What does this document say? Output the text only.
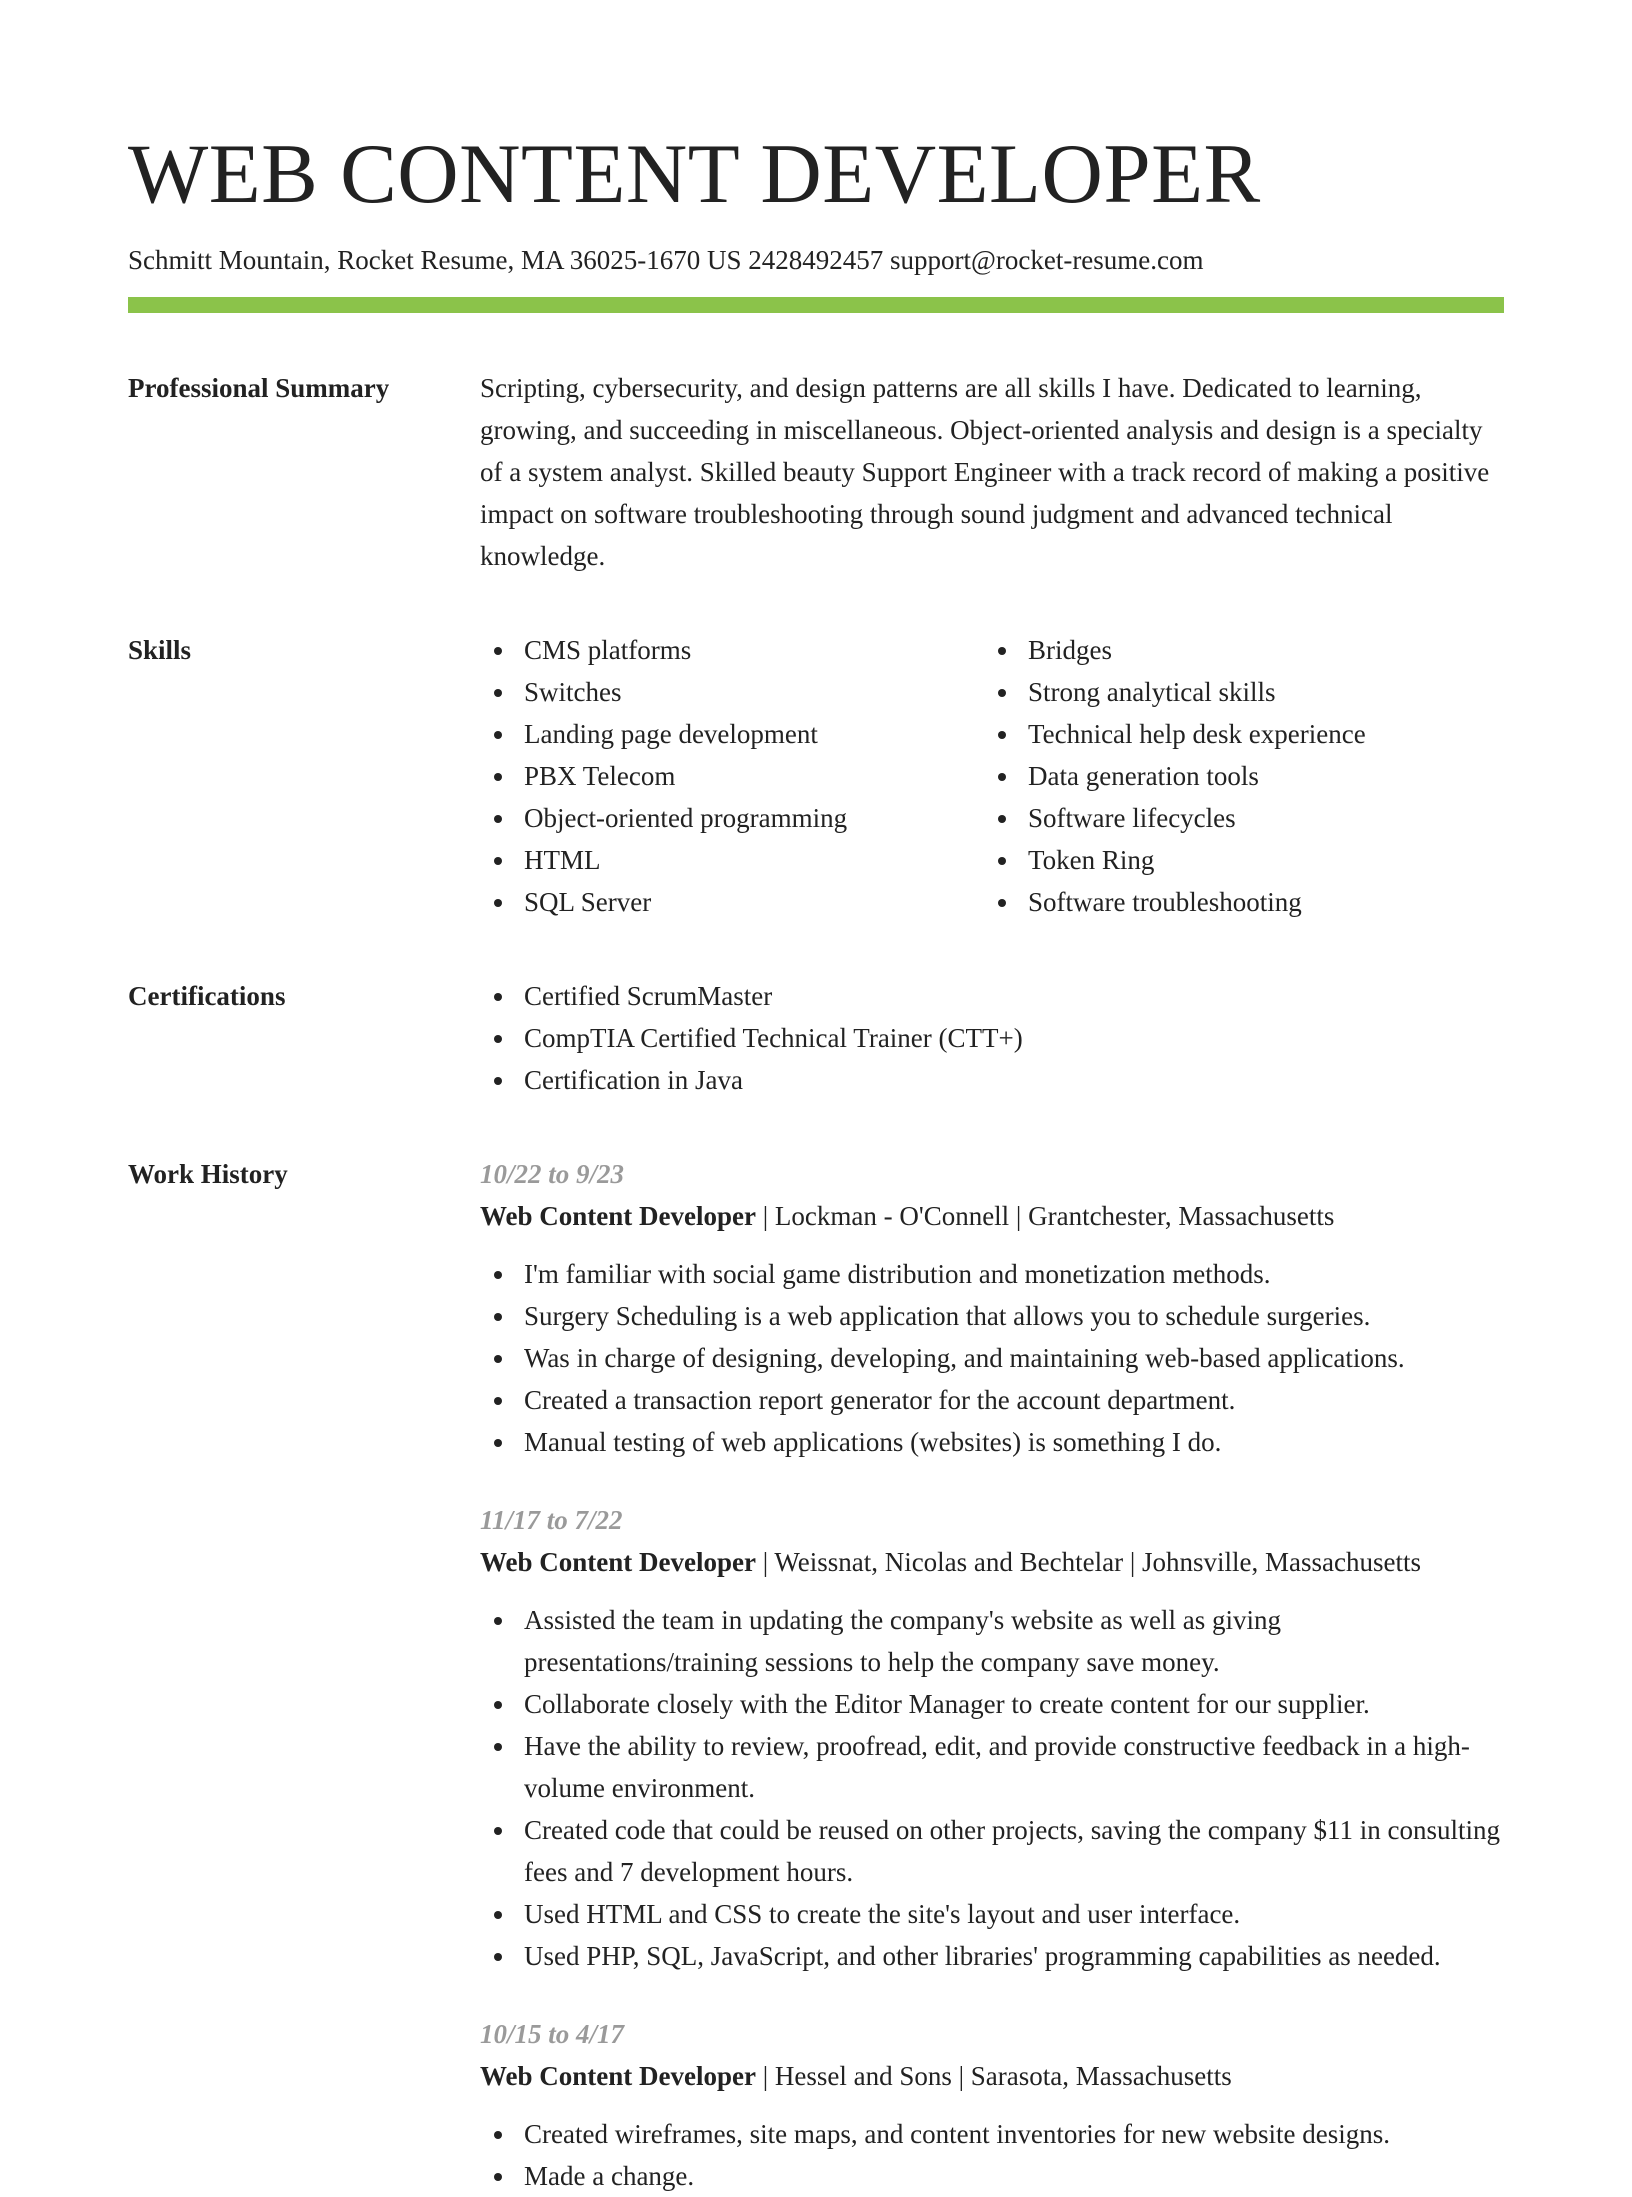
WEB CONTENT DEVELOPER
Schmitt Mountain, Rocket Resume, MA 36025-1670 US 2428492457 support@rocket-resume.com
Professional Summary	Scripting, cybersecurity, and design patterns are all skills I have. Dedicated to learning, growing, and succeeding in miscellaneous. Object-oriented analysis and design is a specialty of a system analyst. Skilled beauty Support Engineer with a track record of making a positive impact on software troubleshooting through sound judgment and advanced technical knowledge.
Skills	CMS platforms
Switches
Landing page development
PBX Telecom
Object-oriented programming
HTML
SQL Server
Bridges
Strong analytical skills
Technical help desk experience
Data generation tools
Software lifecycles
Token Ring
Software troubleshooting
Certifications	Certified ScrumMaster
CompTIA Certified Technical Trainer (CTT+)
Certification in Java
Work History	10/22 to 9/23
Web Content Developer | Lockman - O'Connell | Grantchester, Massachusetts
I'm familiar with social game distribution and monetization methods.
Surgery Scheduling is a web application that allows you to schedule surgeries.
Was in charge of designing, developing, and maintaining web-based applications.
Created a transaction report generator for the account department.
Manual testing of web applications (websites) is something I do.
11/17 to 7/22
Web Content Developer | Weissnat, Nicolas and Bechtelar | Johnsville, Massachusetts
Assisted the team in updating the company's website as well as giving presentations/training sessions to help the company save money.
Collaborate closely with the Editor Manager to create content for our supplier.
Have the ability to review, proofread, edit, and provide constructive feedback in a high-volume environment.
Created code that could be reused on other projects, saving the company $11 in consulting fees and 7 development hours.
Used HTML and CSS to create the site's layout and user interface.
Used PHP, SQL, JavaScript, and other libraries' programming capabilities as needed.
10/15 to 4/17
Web Content Developer | Hessel and Sons | Sarasota, Massachusetts
Created wireframes, site maps, and content inventories for new website designs.
Made a change.
